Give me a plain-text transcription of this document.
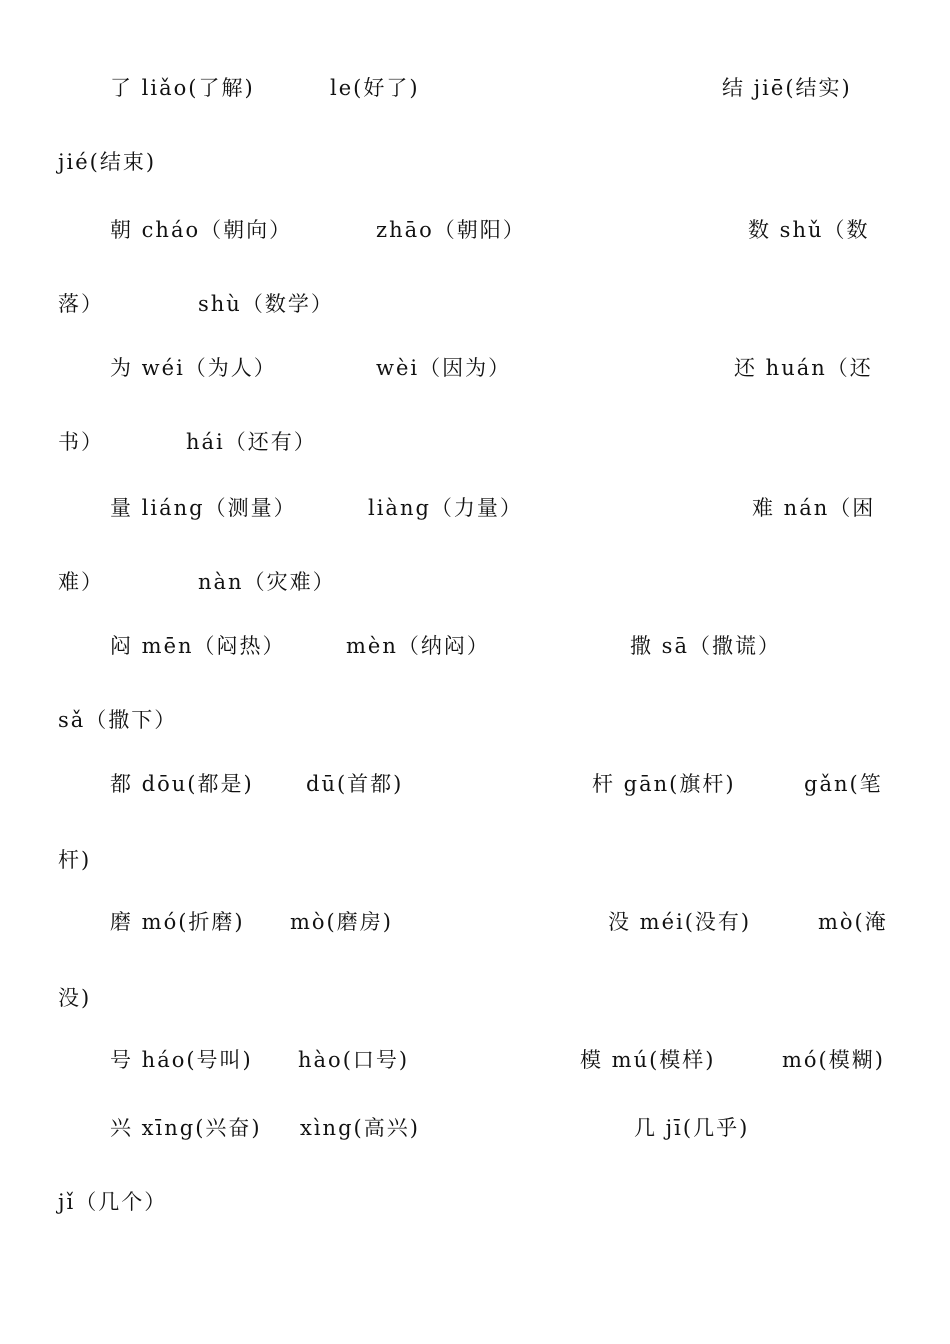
了 liǎo(了解)	le(好了)	结 jiē(结实)
jié(结束)
朝 cháo（朝向）	zhāo（朝阳）	数 shǔ（数
落）	shù（数学）
为 wéi（为人）	wèi（因为）	还 huán（还
书）	hái（还有）
量 liáng（测量）	liàng（力量）	难 nán（困
难）	nàn（灾难）
闷 mēn（闷热）	mèn（纳闷）	撒 sā（撒谎）
sǎ（撒下）
都 dōu(都是) dū(首都)	杆 gān(旗杆)	gǎn(笔
杆)
磨 mó(折磨) mò(磨房)	没 méi(没有)	mò(淹
没)
号 háo(号叫) hào(口号)	模 mú(模样)	mó(模糊)
兴 xīng(兴奋) xìng(高兴)	几 jī(几乎)
jǐ（几个）
